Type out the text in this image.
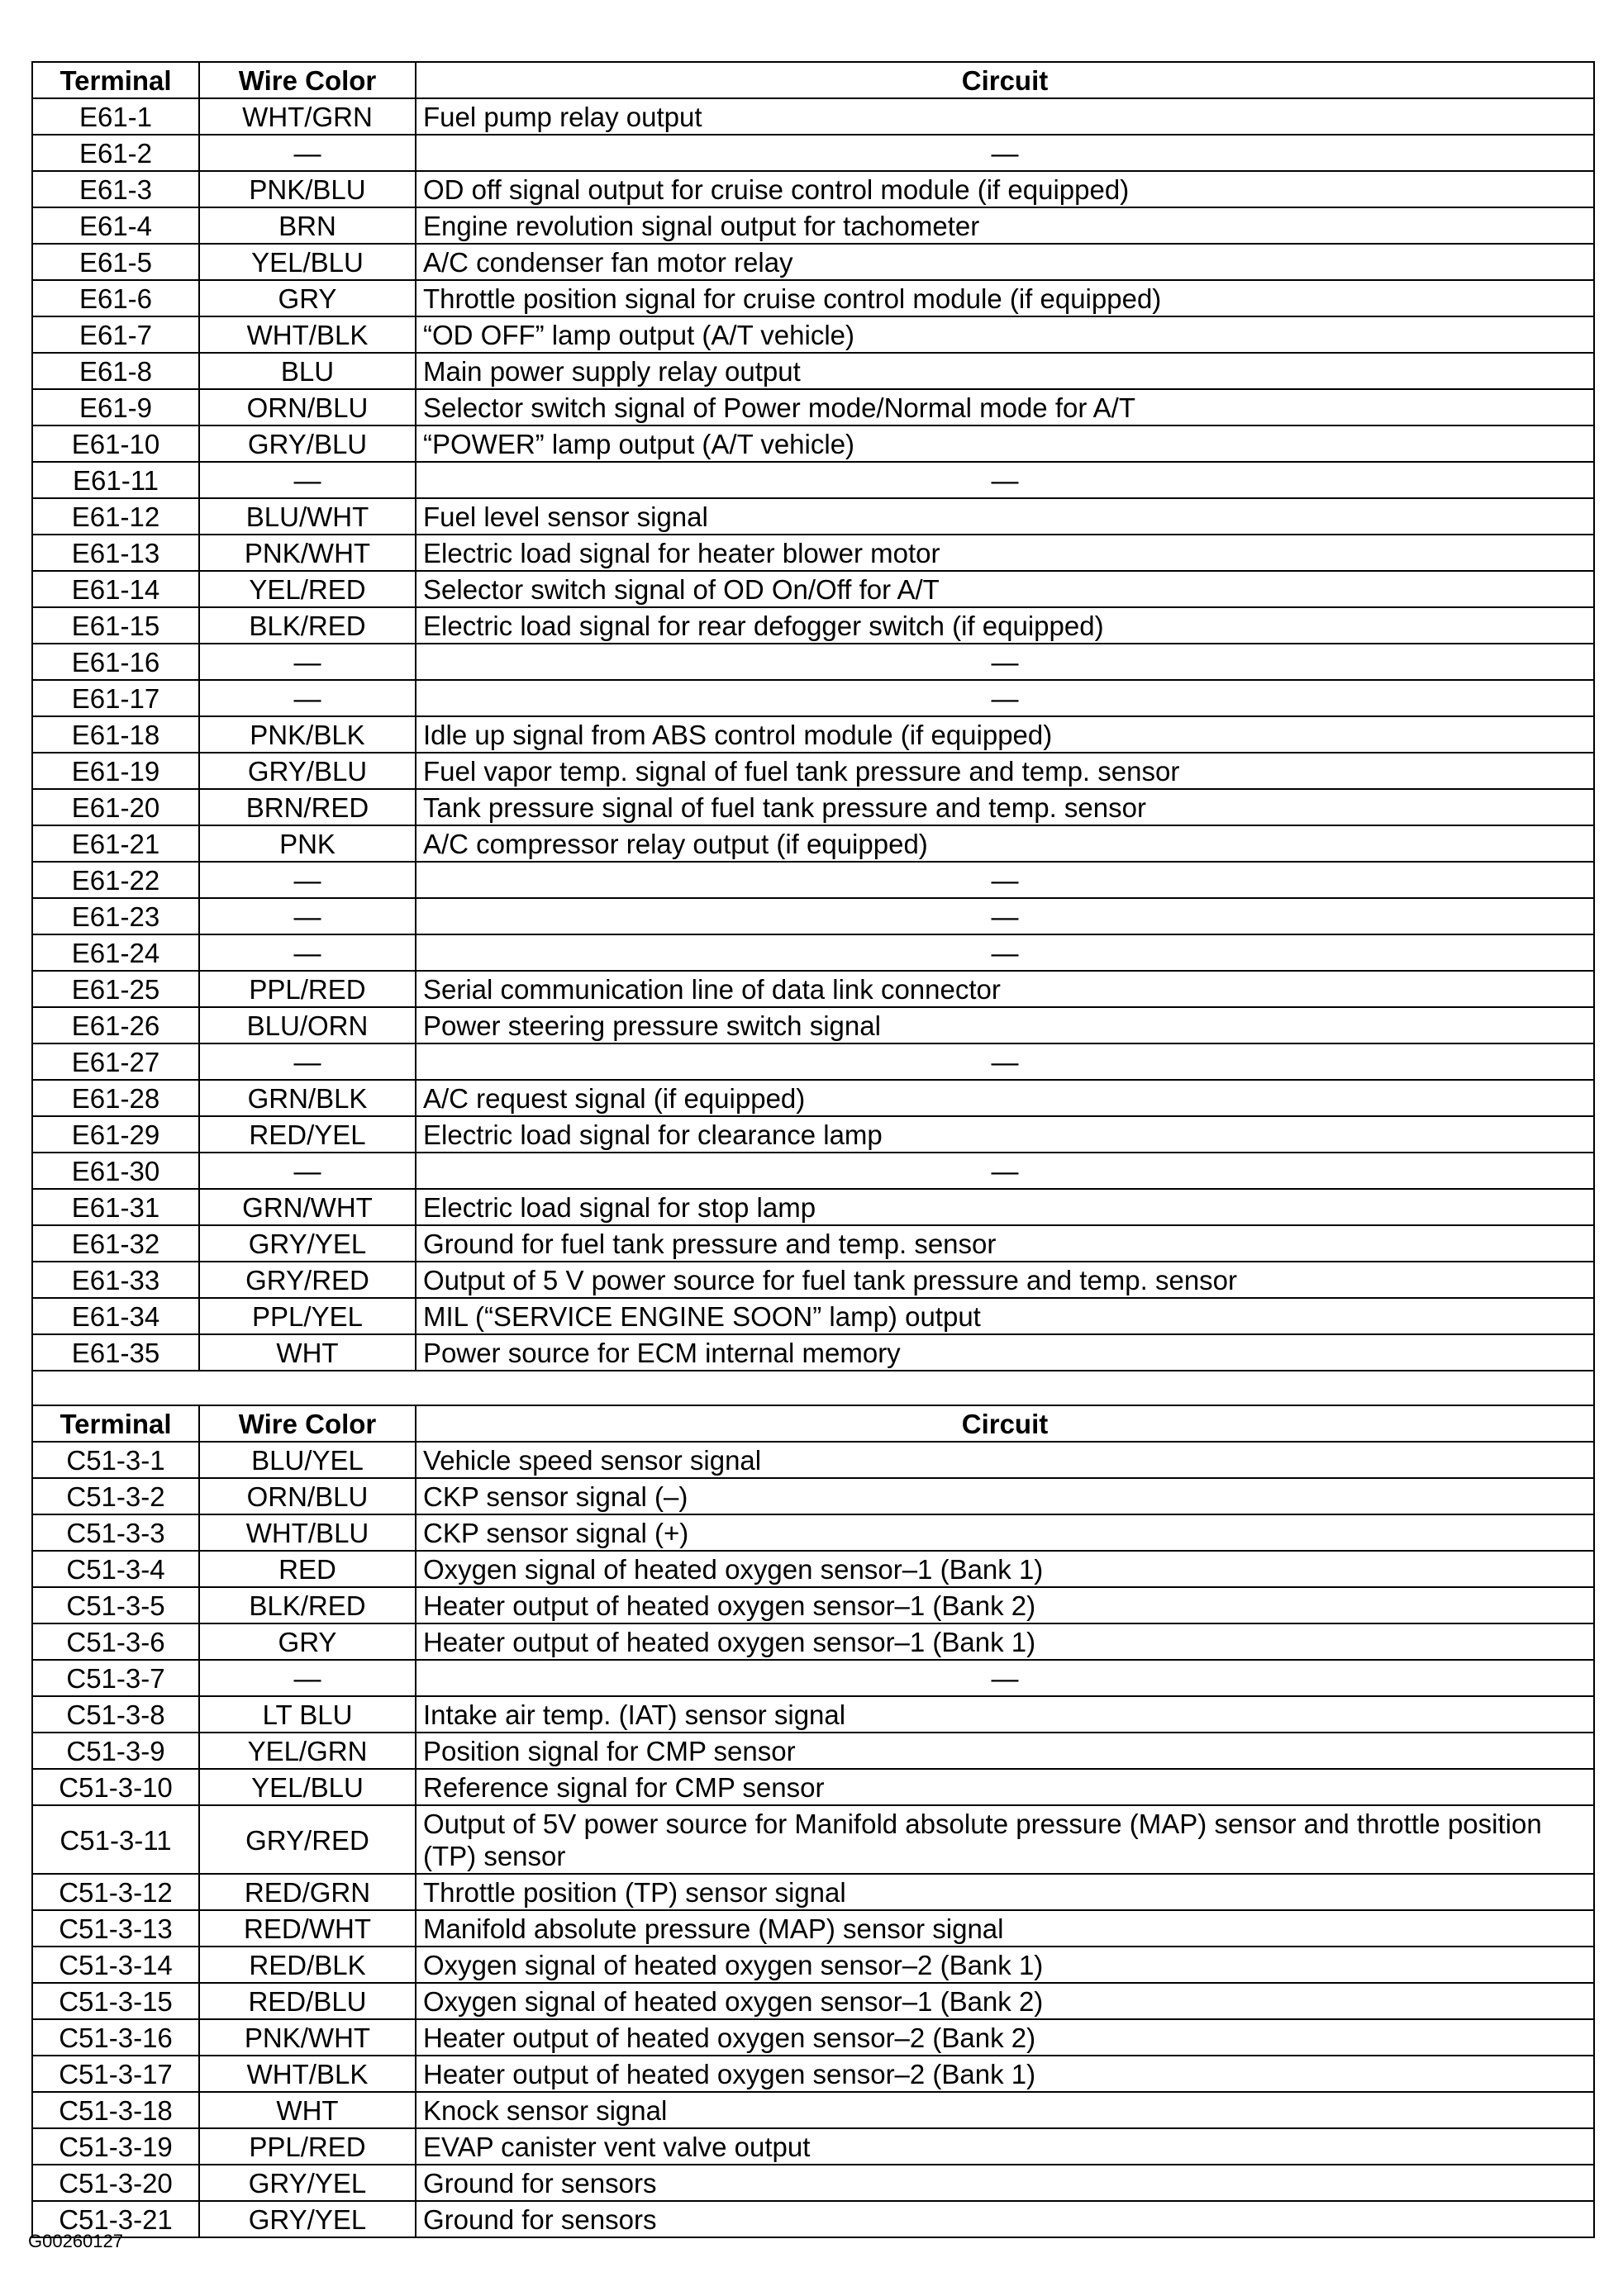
Terminal	Wire Color	Circuit
E61-1	WHT/GRN	Fuel pump relay output
E61-2	—	—
E61-3	PNK/BLU	OD off signal output for cruise control module (if equipped)
E61-4	BRN	Engine revolution signal output for tachometer
E61-5	YEL/BLU	A/C condenser fan motor relay
E61-6	GRY	Throttle position signal for cruise control module (if equipped)
E61-7	WHT/BLK	“OD OFF” lamp output (A/T vehicle)
E61-8	BLU	Main power supply relay output
E61-9	ORN/BLU	Selector switch signal of Power mode/Normal mode for A/T
E61-10	GRY/BLU	“POWER” lamp output (A/T vehicle)
E61-11	—	—
E61-12	BLU/WHT	Fuel level sensor signal
E61-13	PNK/WHT	Electric load signal for heater blower motor
E61-14	YEL/RED	Selector switch signal of OD On/Off for A/T
E61-15	BLK/RED	Electric load signal for rear defogger switch (if equipped)
E61-16	—	—
E61-17	—	—
E61-18	PNK/BLK	Idle up signal from ABS control module (if equipped)
E61-19	GRY/BLU	Fuel vapor temp. signal of fuel tank pressure and temp. sensor
E61-20	BRN/RED	Tank pressure signal of fuel tank pressure and temp. sensor
E61-21	PNK	A/C compressor relay output (if equipped)
E61-22	—	—
E61-23	—	—
E61-24	—	—
E61-25	PPL/RED	Serial communication line of data link connector
E61-26	BLU/ORN	Power steering pressure switch signal
E61-27	—	—
E61-28	GRN/BLK	A/C request signal (if equipped)
E61-29	RED/YEL	Electric load signal for clearance lamp
E61-30	—	—
E61-31	GRN/WHT	Electric load signal for stop lamp
E61-32	GRY/YEL	Ground for fuel tank pressure and temp. sensor
E61-33	GRY/RED	Output of 5 V power source for fuel tank pressure and temp. sensor
E61-34	PPL/YEL	MIL (“SERVICE ENGINE SOON” lamp) output
E61-35	WHT	Power source for ECM internal memory

Terminal	Wire Color	Circuit
C51-3-1	BLU/YEL	Vehicle speed sensor signal
C51-3-2	ORN/BLU	CKP sensor signal (–)
C51-3-3	WHT/BLU	CKP sensor signal (+)
C51-3-4	RED	Oxygen signal of heated oxygen sensor–1 (Bank 1)
C51-3-5	BLK/RED	Heater output of heated oxygen sensor–1 (Bank 2)
C51-3-6	GRY	Heater output of heated oxygen sensor–1 (Bank 1)
C51-3-7	—	—
C51-3-8	LT BLU	Intake air temp. (IAT) sensor signal
C51-3-9	YEL/GRN	Position signal for CMP sensor
C51-3-10	YEL/BLU	Reference signal for CMP sensor
C51-3-11	GRY/RED	Output of 5V power source for Manifold absolute pressure (MAP) sensor and throttle position (TP) sensor
C51-3-12	RED/GRN	Throttle position (TP) sensor signal
C51-3-13	RED/WHT	Manifold absolute pressure (MAP) sensor signal
C51-3-14	RED/BLK	Oxygen signal of heated oxygen sensor–2 (Bank 1)
C51-3-15	RED/BLU	Oxygen signal of heated oxygen sensor–1 (Bank 2)
C51-3-16	PNK/WHT	Heater output of heated oxygen sensor–2 (Bank 2)
C51-3-17	WHT/BLK	Heater output of heated oxygen sensor–2 (Bank 1)
C51-3-18	WHT	Knock sensor signal
C51-3-19	PPL/RED	EVAP canister vent valve output
C51-3-20	GRY/YEL	Ground for sensors
C51-3-21	GRY/YEL	Ground for sensors
G00260127
